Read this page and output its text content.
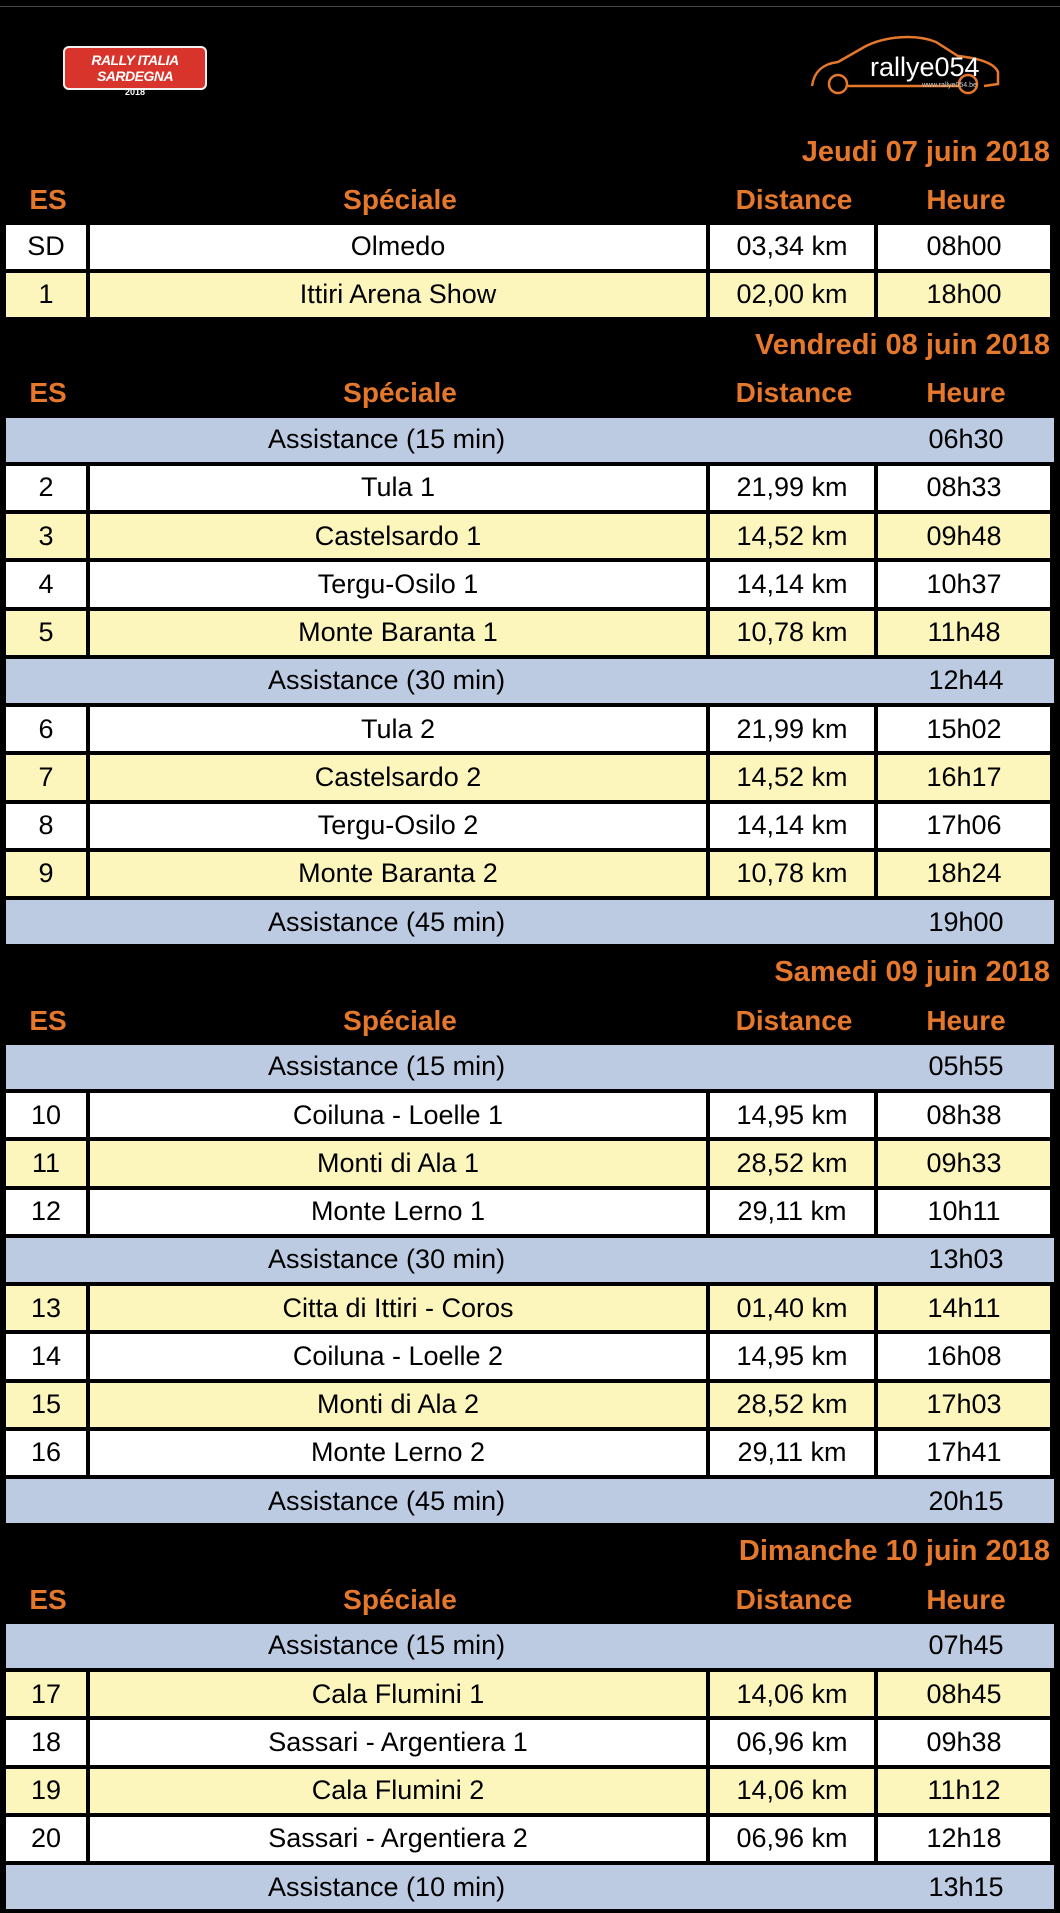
RALLY ITALIA SARDEGNA
2018
rallye054
www.rallye054.be
Jeudi 07 juin 2018
ES	Spéciale	Distance	Heure
SD	Olmedo	03,34 km	08h00
1	Ittiri Arena Show	02,00 km	18h00
Vendredi 08 juin 2018
ES	Spéciale	Distance	Heure
Assistance (15 min)	06h30
2	Tula 1	21,99 km	08h33
3	Castelsardo 1	14,52 km	09h48
4	Tergu-Osilo 1	14,14 km	10h37
5	Monte Baranta 1	10,78 km	11h48
Assistance (30 min)	12h44
6	Tula 2	21,99 km	15h02
7	Castelsardo 2	14,52 km	16h17
8	Tergu-Osilo 2	14,14 km	17h06
9	Monte Baranta 2	10,78 km	18h24
Assistance (45 min)	19h00
Samedi 09 juin 2018
ES	Spéciale	Distance	Heure
Assistance (15 min)	05h55
10	Coiluna - Loelle 1	14,95 km	08h38
11	Monti di Ala 1	28,52 km	09h33
12	Monte Lerno 1	29,11 km	10h11
Assistance (30 min)	13h03
13	Citta di Ittiri - Coros	01,40 km	14h11
14	Coiluna - Loelle 2	14,95 km	16h08
15	Monti di Ala 2	28,52 km	17h03
16	Monte Lerno 2	29,11 km	17h41
Assistance (45 min)	20h15
Dimanche 10 juin 2018
ES	Spéciale	Distance	Heure
Assistance (15 min)	07h45
17	Cala Flumini 1	14,06 km	08h45
18	Sassari - Argentiera 1	06,96 km	09h38
19	Cala Flumini 2	14,06 km	11h12
20	Sassari - Argentiera 2	06,96 km	12h18
Assistance (10 min)	13h15
